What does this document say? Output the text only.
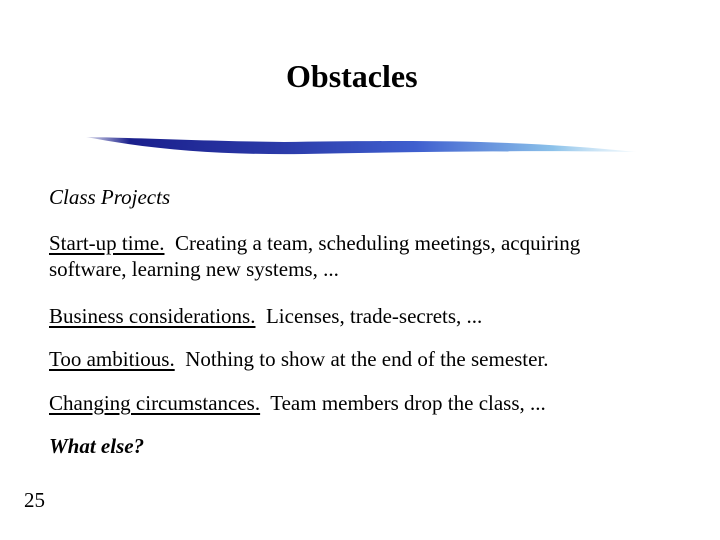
Obstacles

Class Projects

Start-up time. Creating a team, scheduling meetings, acquiring

software, learning new systems, ...

Business considerations. Licenses, trade-secrets, ...

Too ambitious. Nothing to show at the end of the semester.

Changing circumstances. Team members drop the class, ...

What else?

25
